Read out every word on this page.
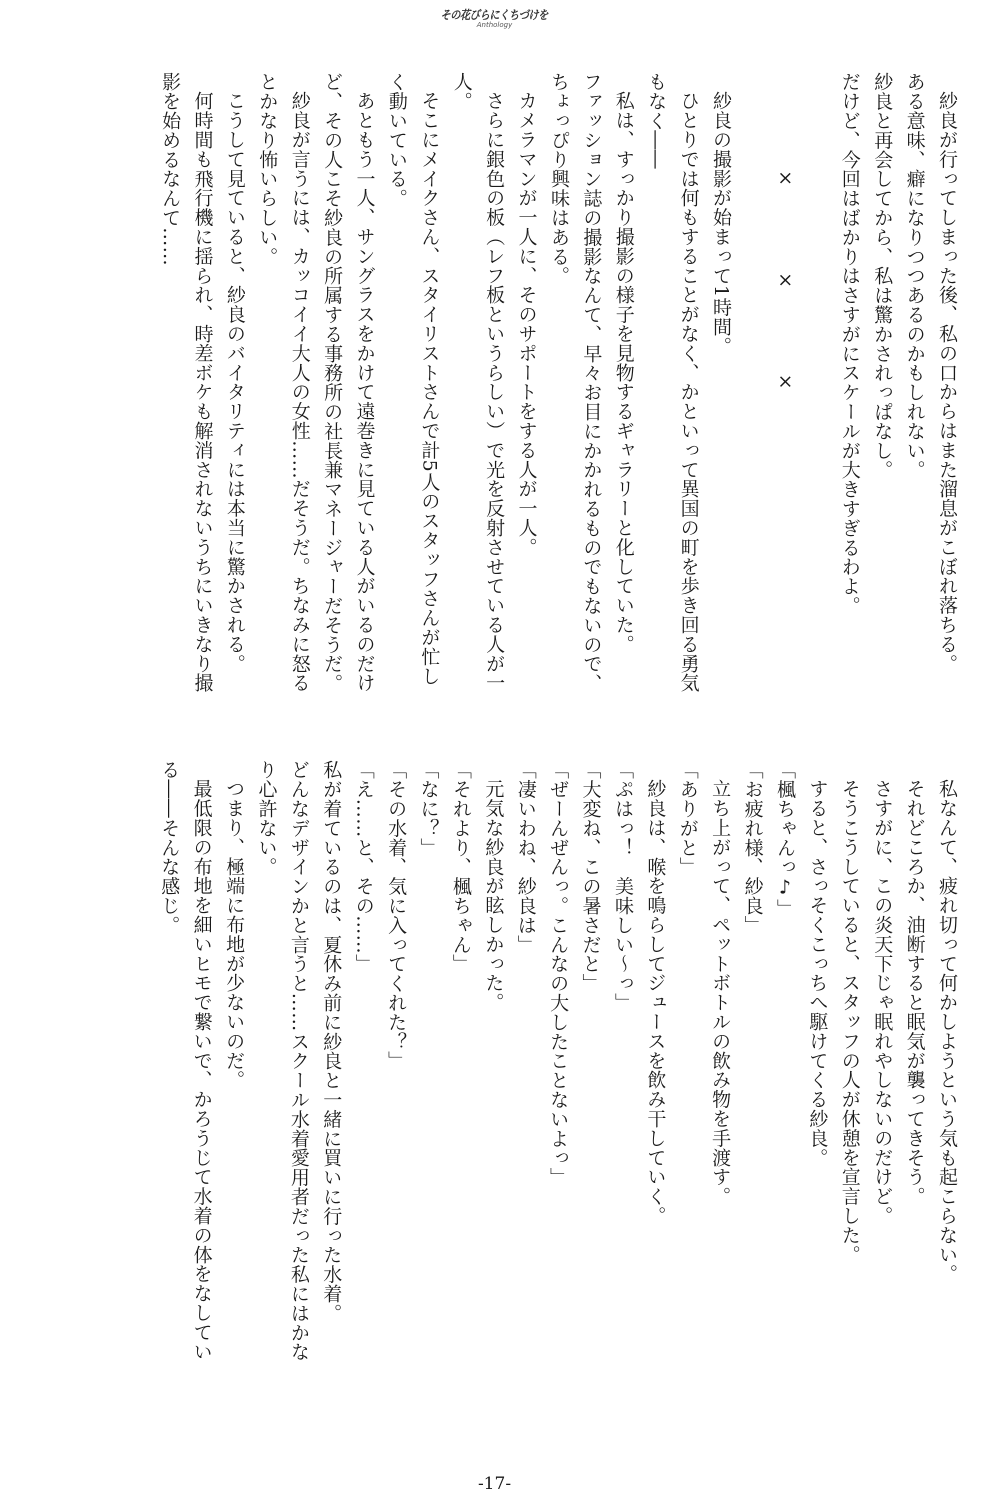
その花びらにくちづけを
Anthology
紗良が行ってしまった後、私の口からはまた溜息がこぼれ落ちる。
ある意味、癖になりつつあるのかもしれない。
紗良と再会してから、私は驚かされっぱなし。
だけど、今回はばかりはさすがにスケールが大きすぎるわよ。
×　×　×
紗良の撮影が始まって1時間。
ひとりでは何もすることがなく、かといって異国の町を歩き回る勇気
もなく――
私は、すっかり撮影の様子を見物するギャラリーと化していた。
ファッション誌の撮影なんて、早々お目にかかれるものでもないので、
ちょっぴり興味はある。
カメラマンが一人に、そのサポートをする人が一人。
さらに銀色の板（レフ板というらしい）で光を反射させている人が一
人。
そこにメイクさん、スタイリストさんで計5人のスタッフさんが忙し
く動いている。
あともう一人、サングラスをかけて遠巻きに見ている人がいるのだけ
ど、その人こそ紗良の所属する事務所の社長兼マネージャーだそうだ。
紗良が言うには、カッコイイ大人の女性……だそうだ。ちなみに怒る
とかなり怖いらしい。
こうして見ていると、紗良のバイタリティには本当に驚かされる。
何時間も飛行機に揺られ、時差ボケも解消されないうちにいきなり撮
影を始めるなんて……
私なんて、疲れ切って何かしようという気も起こらない。
それどころか、油断すると眠気が襲ってきそう。
さすがに、この炎天下じゃ眠れやしないのだけど。
そうこうしていると、スタッフの人が休憩を宣言した。
すると、さっそくこっちへ駆けてくる紗良。
「楓ちゃんっ♪」
「お疲れ様、紗良」
立ち上がって、ペットボトルの飲み物を手渡す。
「ありがと」
紗良は、喉を鳴らしてジュースを飲み干していく。
「ぷはっ！　美味しい～っ」
「大変ね、この暑さだと」
「ぜーんぜんっ。こんなの大したことないよっ」
「凄いわね、紗良は」
元気な紗良が眩しかった。
「それより、楓ちゃん」
「なに？」
「その水着、気に入ってくれた？」
「え……と、その……」
私が着ているのは、夏休み前に紗良と一緒に買いに行った水着。
どんなデザインかと言うと……スクール水着愛用者だった私にはかな
り心許ない。
つまり、極端に布地が少ないのだ。
最低限の布地を細いヒモで繋いで、かろうじて水着の体をなしてい
る――そんな感じ。
-17-
